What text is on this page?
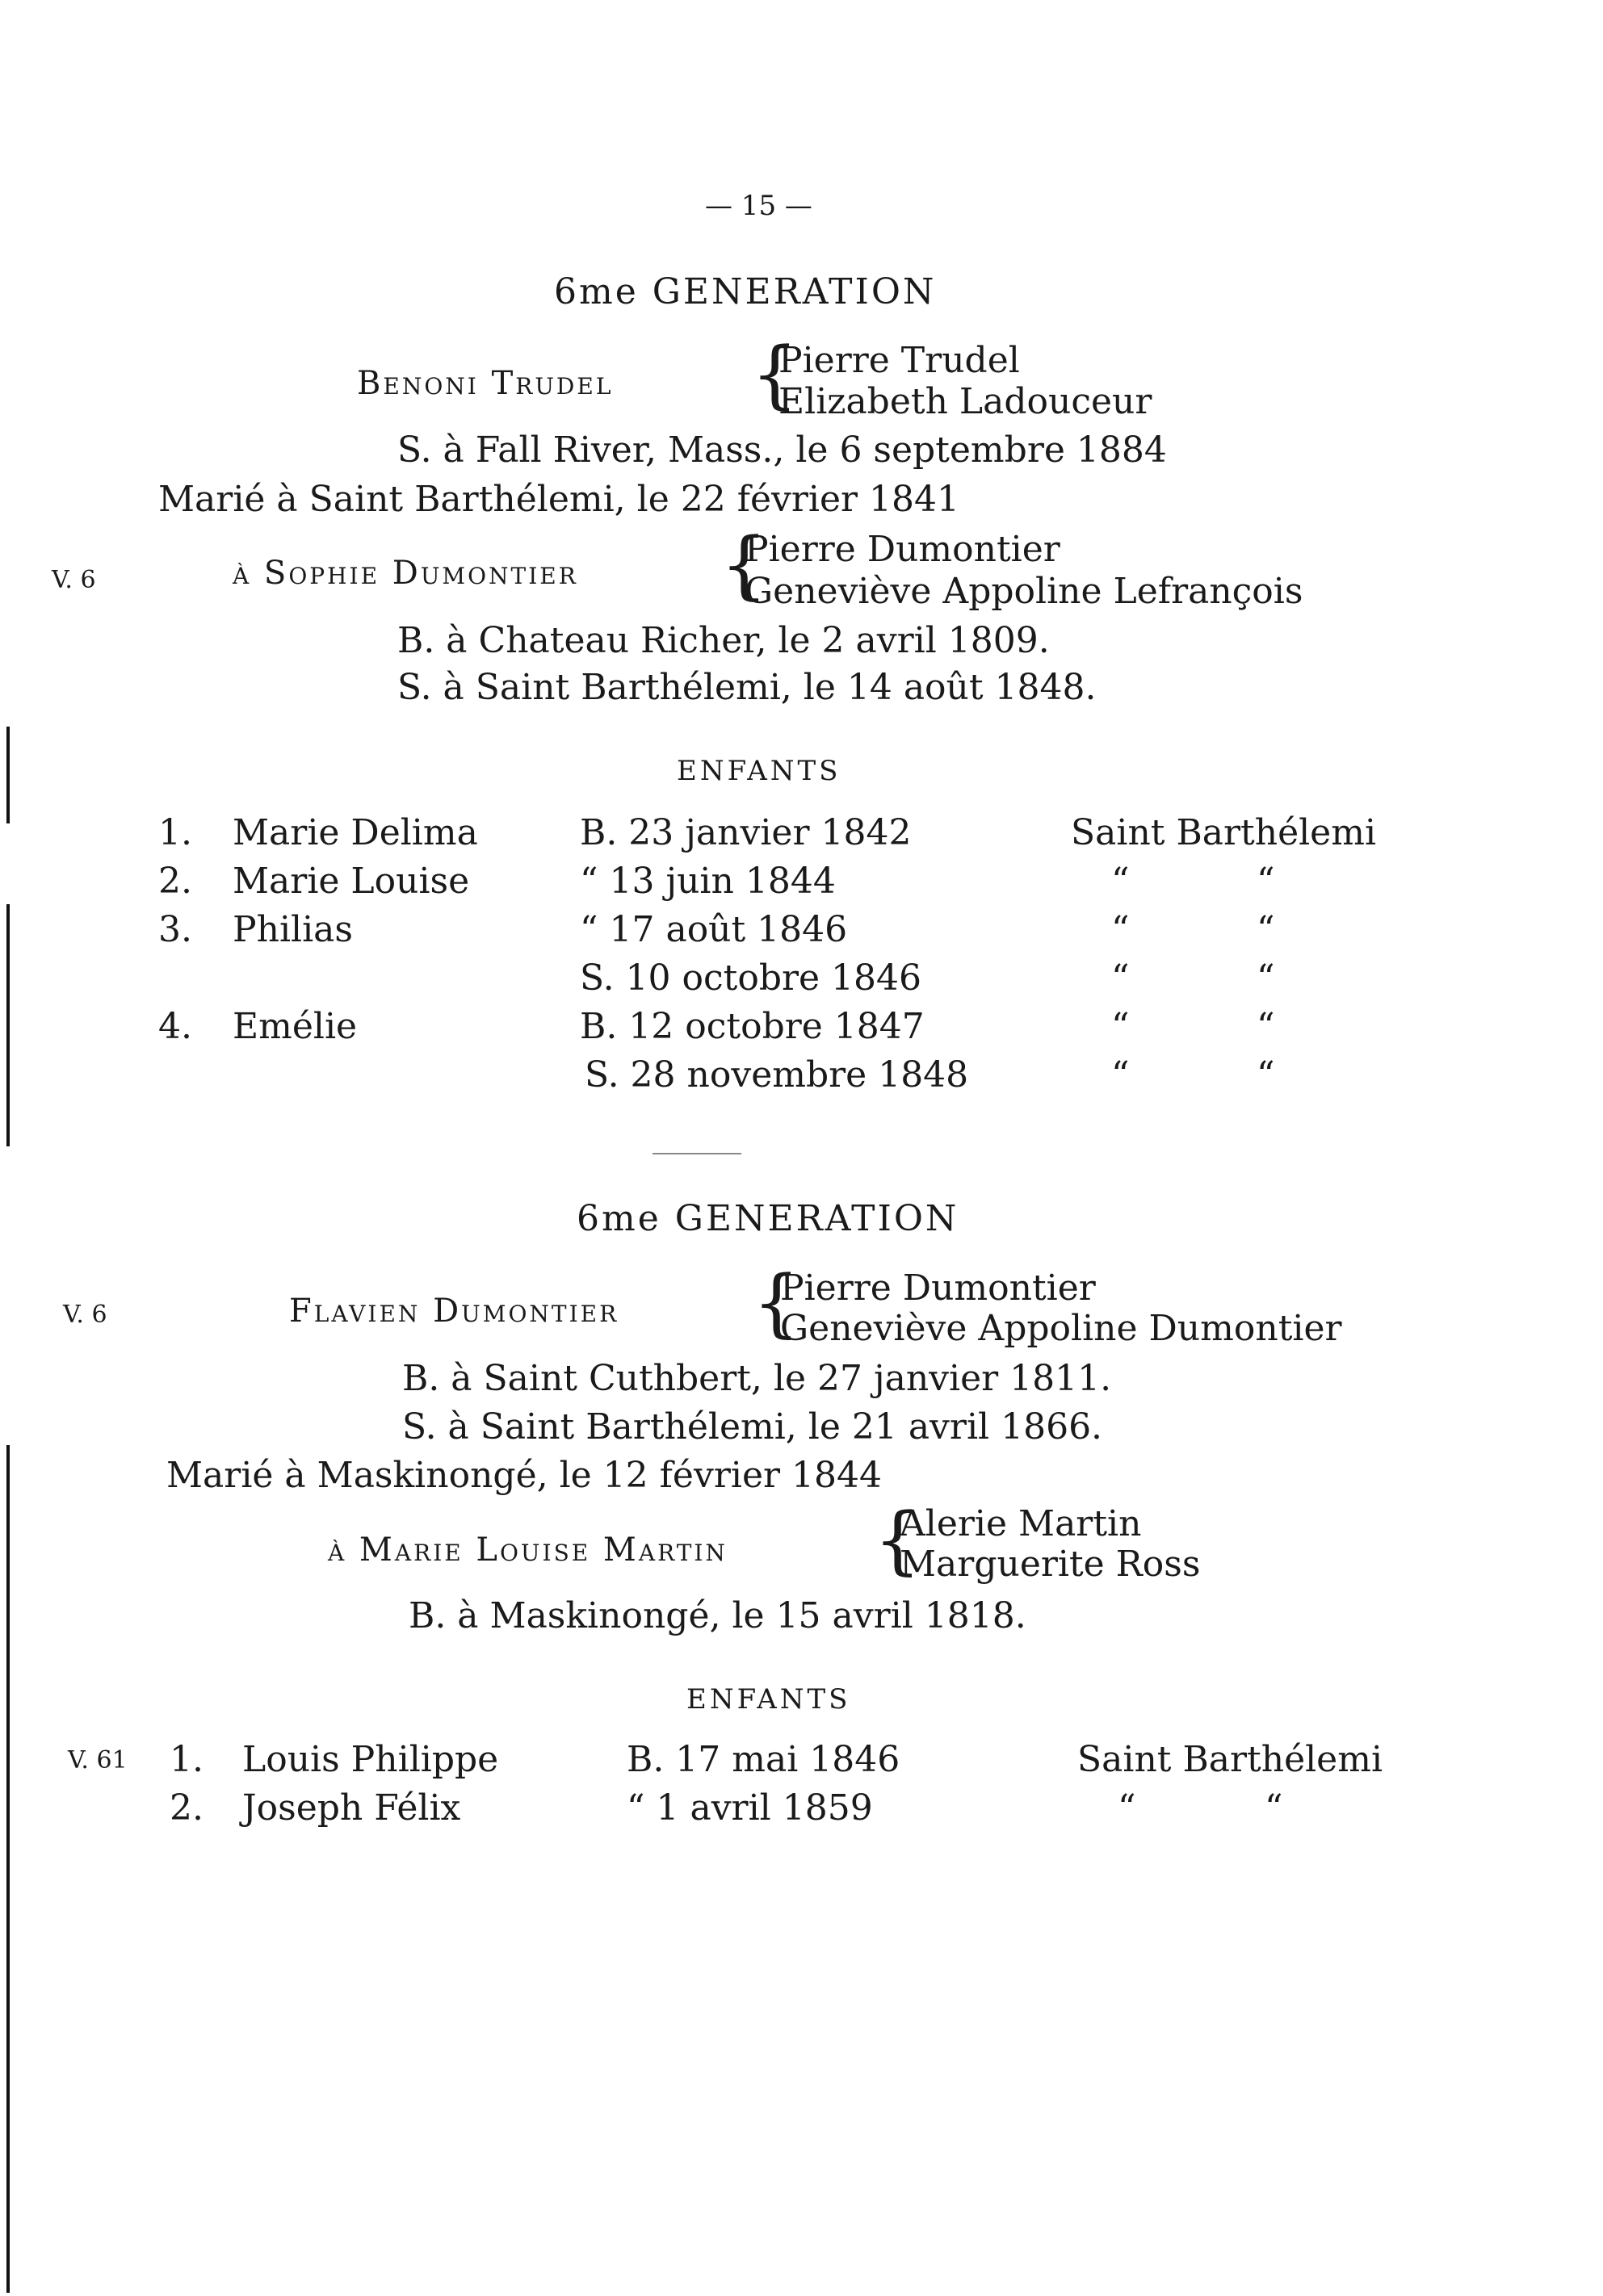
— 15 —
6me GENERATION
Benoni Trudel {
Pierre Trudel
Elizabeth Ladouceur
S. à Fall River, Mass., le 6 septembre 1884
Marié à Saint Barthélemi, le 22 février 1841
V. 6	à Sophie Dumontier {
Pierre Dumontier
Geneviève Appoline Lefrançois
B. à Chateau Richer, le 2 avril 1809.
S. à Saint Barthélemi, le 14 août 1848.
ENFANTS
1. Marie Delima	B. 23 janvier 1842	Saint Barthélemi
2. Marie Louise	“ 13 juin 1844	“	“
3. Philias	“ 17 août 1846	“	“
S. 10 octobre 1846	“	“
4. Emélie	B. 12 octobre 1847	“	“
S. 28 novembre 1848	“	“
6me GENERATION
V. 6	Flavien Dumontier {
Pierre Dumontier
Geneviève Appoline Dumontier
B. à Saint Cuthbert, le 27 janvier 1811.
S. à Saint Barthélemi, le 21 avril 1866.
Marié à Maskinongé, le 12 février 1844
à Marie Louise Martin {
Alerie Martin
Marguerite Ross
B. à Maskinongé, le 15 avril 1818.
ENFANTS
V. 61 1. Louis Philippe	B. 17 mai 1846	Saint Barthélemi
2. Joseph Félix	“ 1 avril 1859	“	“
